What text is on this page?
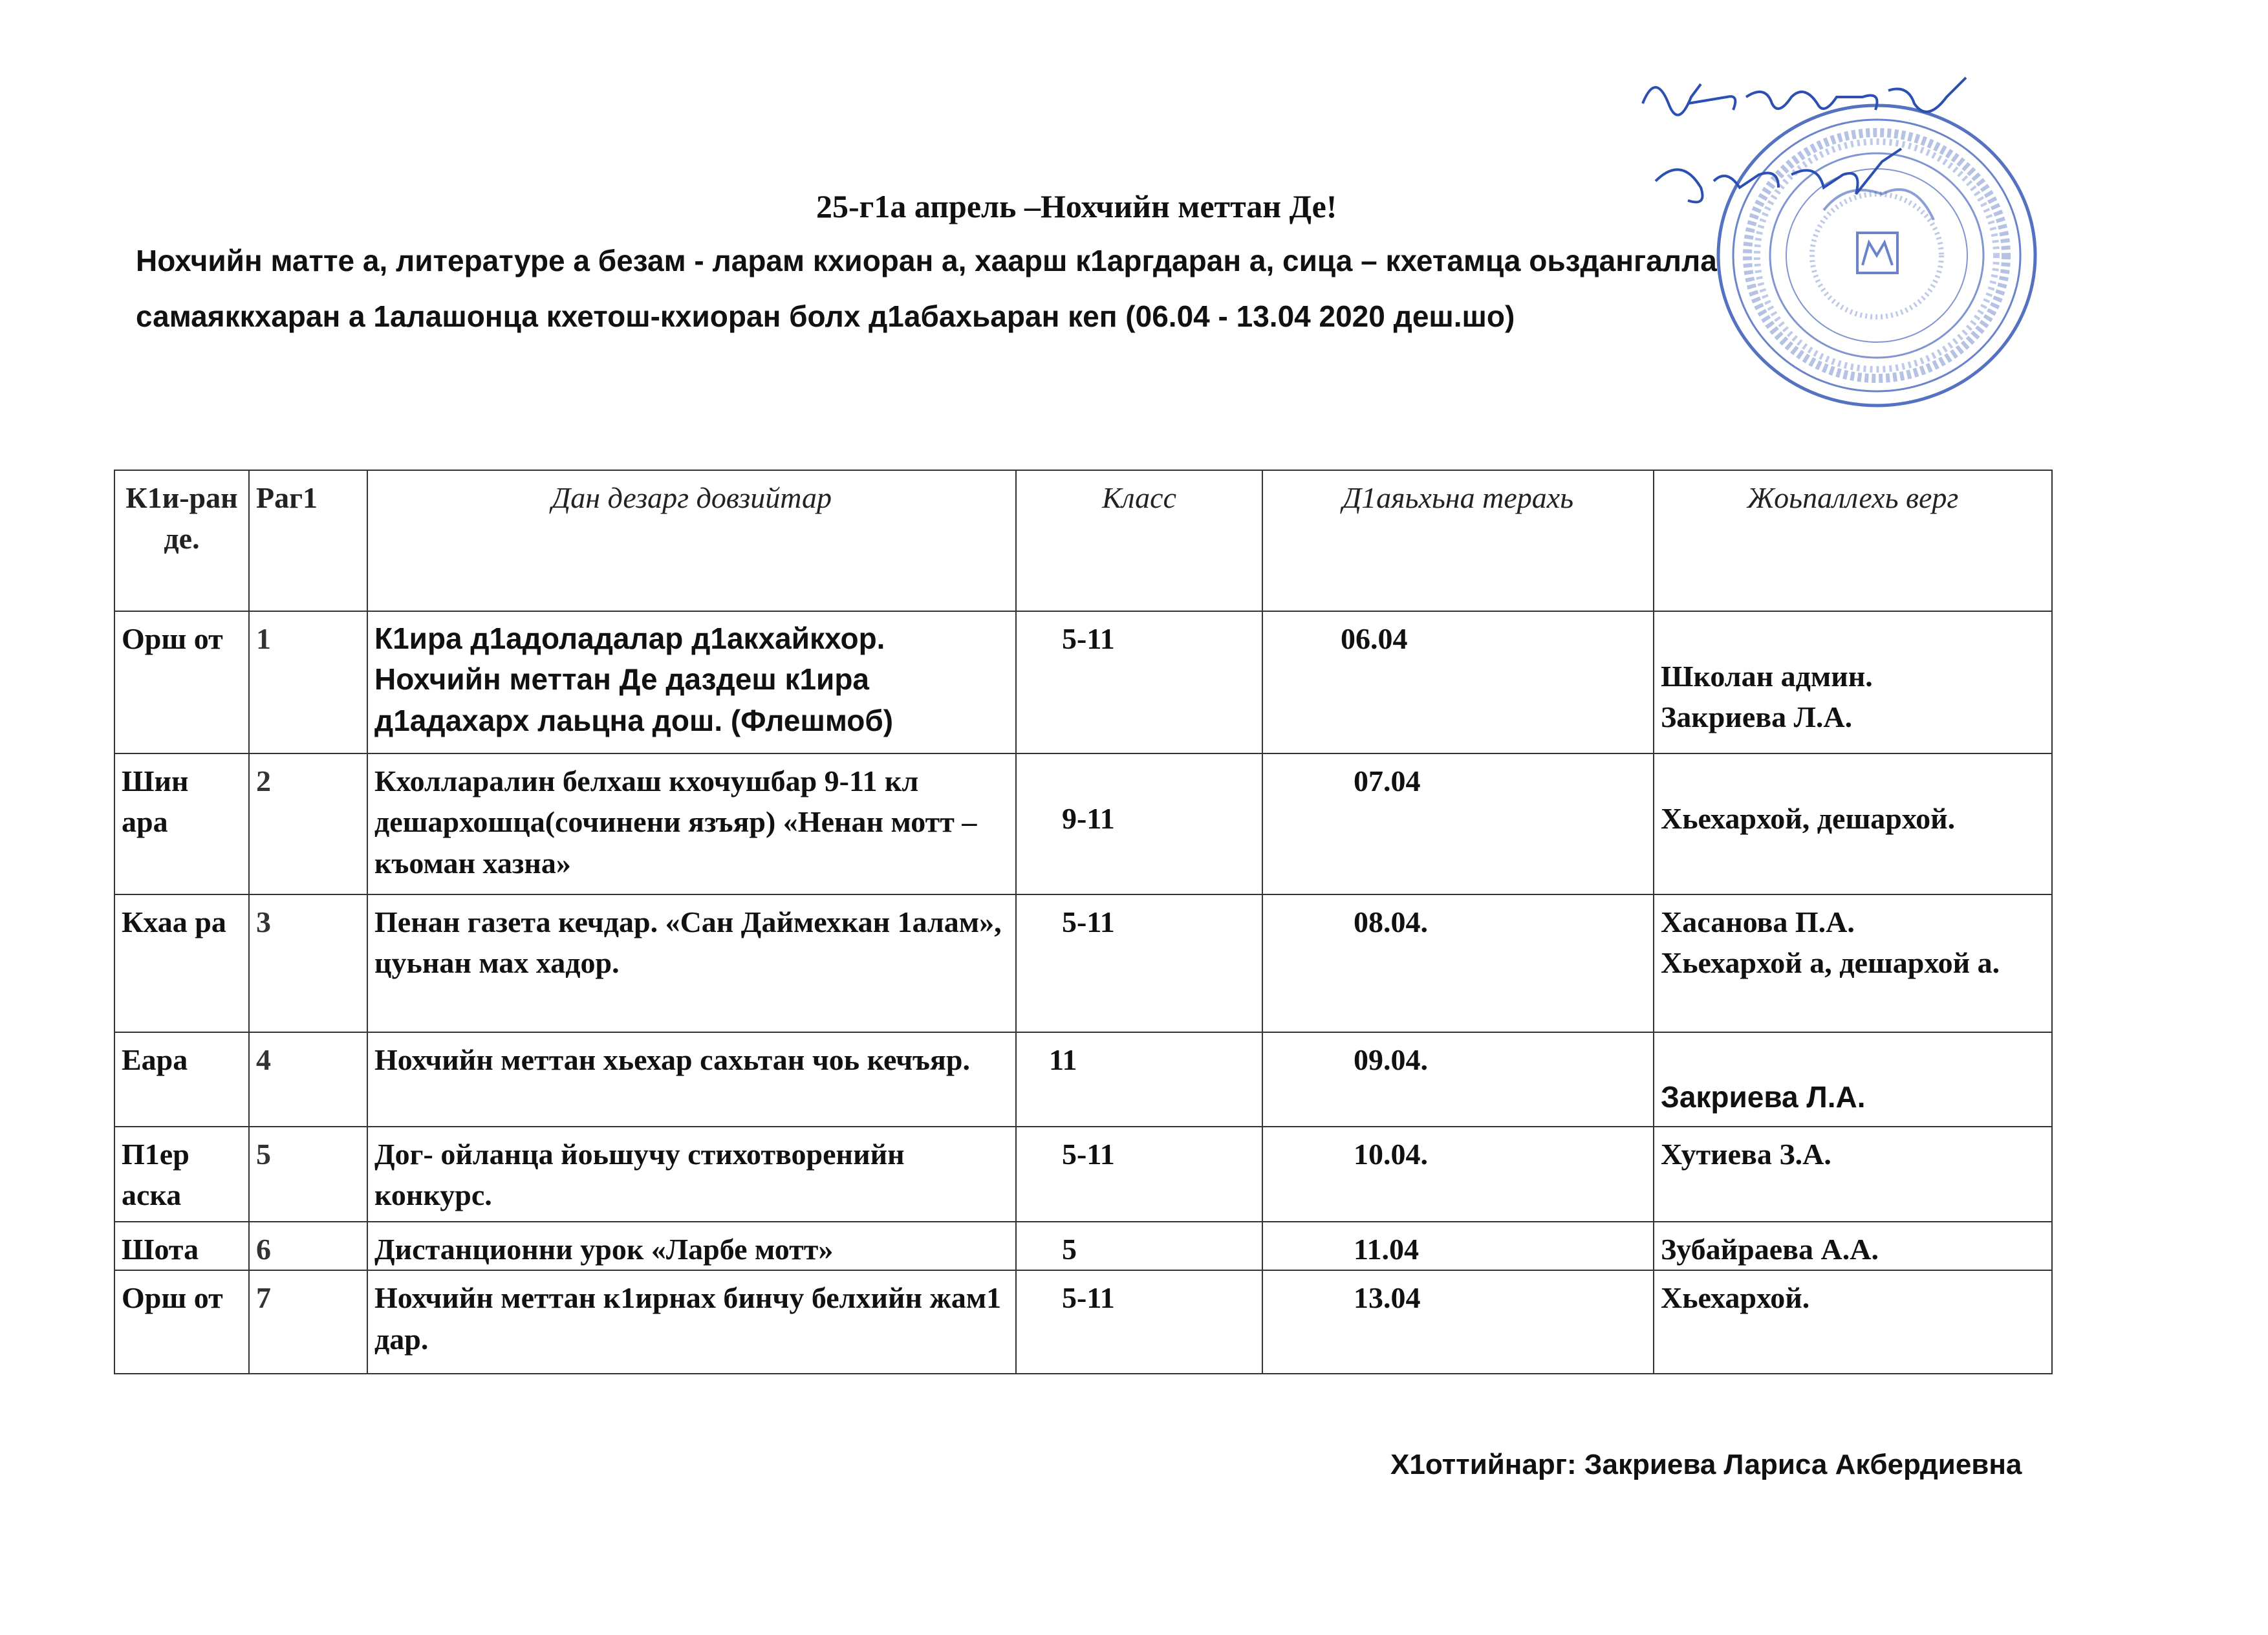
25-г1а апрель –Нохчийн меттан Де!
Нохчийн матте а, литературе а безам - ларам кхиоран а, хаарш к1аргдаран а, сица – кхетамца оьздангалла
самаяккхаран а 1алашонца кхетош-кхиоран болх д1абахьаран кеп (06.04 - 13.04 2020 деш.шо)
К1и-ран де.	Раг1	Дан дезарг довзийтар	Класс	Д1аяьхьна терахь	Жоьпаллехь верг
Орш от	1	К1ира д1адоладалар д1акхайкхор. Нохчийн меттан Де даздеш к1ира д1адахарх лаьцна дош. (Флешмоб)	5-11	06.04	Школан админ.
Закриева Л.А.

Шин ара	2	Кхолларалин белхаш кхочушбар 9-11 кл дешархошца(сочинени язъяр) «Ненан мотт –къоман хазна»	9-11	07.04	Хьехархой, дешархой.

Кхаа ра	3	Пенан газета кечдар. «Сан Даймехкан 1алам», цуьнан мах хадор.	5-11	08.04.	Хасанова П.А.
Хьехархой а, дешархой а.

Еара	4	Нохчийн меттан хьехар сахьтан чоь кечъяр.	11	09.04.	Закриева Л.А.

П1ер аска	5	Дог- ойланца йоьшучу стихотворенийн конкурс.	5-11	10.04.	Хутиева З.А.

Шота	6	Дистанционни урок «Ларбе мотт»	5	11.04	Зубайраева А.А.

Орш от	7	Нохчийн меттан к1ирнах бинчу белхийн жам1 дар.	5-11	13.04	Хьехархой.
Х1оттийнарг: Закриева Лариса Акбердиевна
